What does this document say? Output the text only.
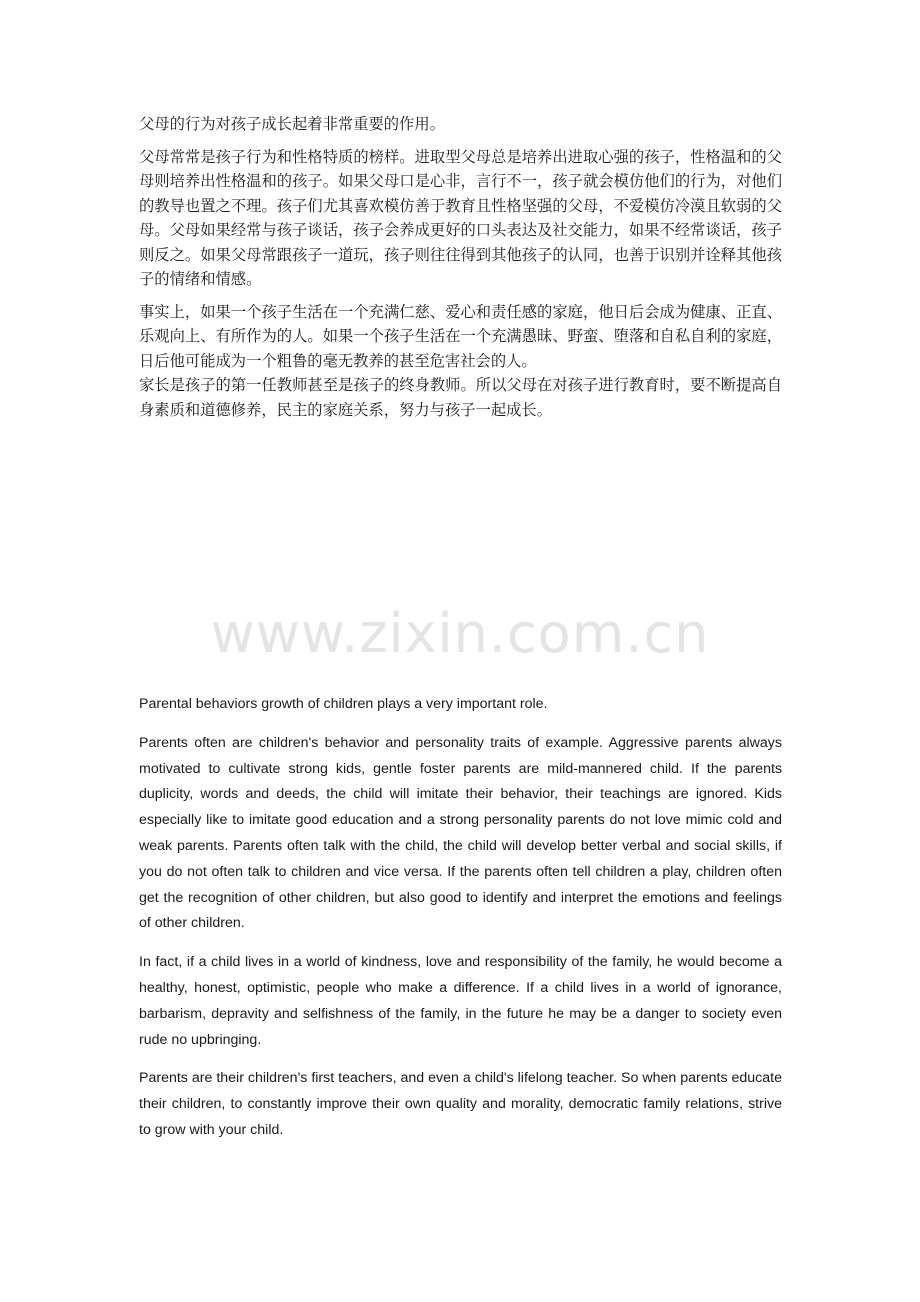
父母的行为对孩子成长起着非常重要的作用。

父母常常是孩子行为和性格特质的榜样。进取型父母总是培养出进取心强的孩子，性格温和的父母则培养出性格温和的孩子。如果父母口是心非，言行不一，孩子就会模仿他们的行为，对他们的教导也置之不理。孩子们尤其喜欢模仿善于教育且性格坚强的父母，不爱模仿冷漠且软弱的父母。父母如果经常与孩子谈话，孩子会养成更好的口头表达及社交能力，如果不经常谈话，孩子则反之。如果父母常跟孩子一道玩，孩子则往往得到其他孩子的认同，也善于识别并诠释其他孩子的情绪和情感。

事实上，如果一个孩子生活在一个充满仁慈、爱心和责任感的家庭，他日后会成为健康、正直、乐观向上、有所作为的人。如果一个孩子生活在一个充满愚昧、野蛮、堕落和自私自利的家庭，日后他可能成为一个粗鲁的毫无教养的甚至危害社会的人。

家长是孩子的第一任教师甚至是孩子的终身教师。所以父母在对孩子进行教育时，要不断提高自身素质和道德修养，民主的家庭关系，努力与孩子一起成长。

www.zixin.com.cn

Parental behaviors growth of children plays a very important role.

Parents often are children's behavior and personality traits of example. Aggressive parents always motivated to cultivate strong kids, gentle foster parents are mild-mannered child. If the parents duplicity, words and deeds, the child will imitate their behavior, their teachings are ignored. Kids especially like to imitate good education and a strong personality parents do not love mimic cold and weak parents. Parents often talk with the child, the child will develop better verbal and social skills, if you do not often talk to children and vice versa. If the parents often tell children a play, children often get the recognition of other children, but also good to identify and interpret the emotions and feelings of other children.

In fact, if a child lives in a world of kindness, love and responsibility of the family, he would become a healthy, honest, optimistic, people who make a difference. If a child lives in a world of ignorance, barbarism, depravity and selfishness of the family, in the future he may be a danger to society even rude no upbringing.

Parents are their children's first teachers, and even a child's lifelong teacher. So when parents educate their children, to constantly improve their own quality and morality, democratic family relations, strive to grow with your child.
